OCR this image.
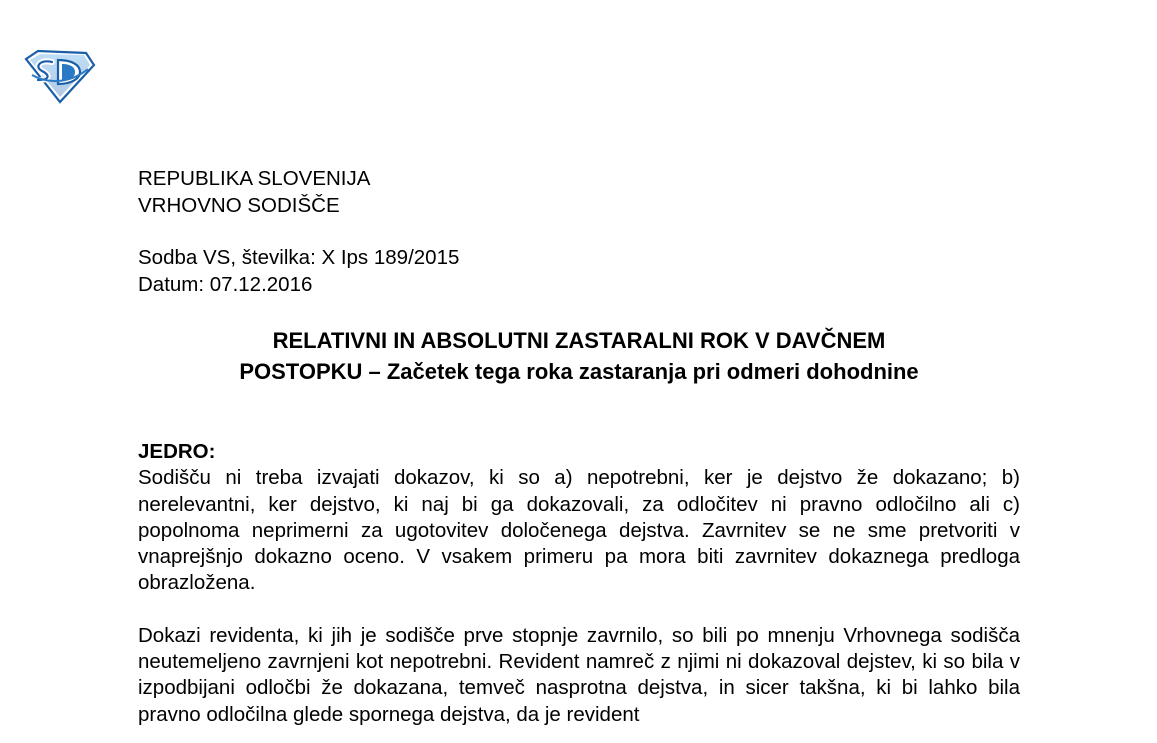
REPUBLIKA SLOVENIJA
VRHOVNO SODIŠČE
Sodba VS, številka: X Ips 189/2015
Datum: 07.12.2016
RELATIVNI IN ABSOLUTNI ZASTARALNI ROK V DAVČNEM
POSTOPKU – Začetek tega roka zastaranja pri odmeri dohodnine
JEDRO:

Sodišču ni treba izvajati dokazov, ki so a) nepotrebni, ker je dejstvo že dokazano; b) nerelevantni, ker dejstvo, ki naj bi ga dokazovali, za odločitev ni pravno odločilno ali c) popolnoma neprimerni za ugotovitev določenega dejstva. Zavrnitev se ne sme pretvoriti v vnaprejšnjo dokazno oceno. V vsakem primeru pa mora biti zavrnitev dokaznega predloga obrazložena.

Dokazi revidenta, ki jih je sodišče prve stopnje zavrnilo, so bili po mnenju Vrhovnega sodišča neutemeljeno zavrnjeni kot nepotrebni. Revident namreč z njimi ni dokazoval dejstev, ki so bila v izpodbijani odločbi že dokazana, temveč nasprotna dejstva, in sicer takšna, ki bi lahko bila pravno odločilna glede spornega dejstva, da je revident
